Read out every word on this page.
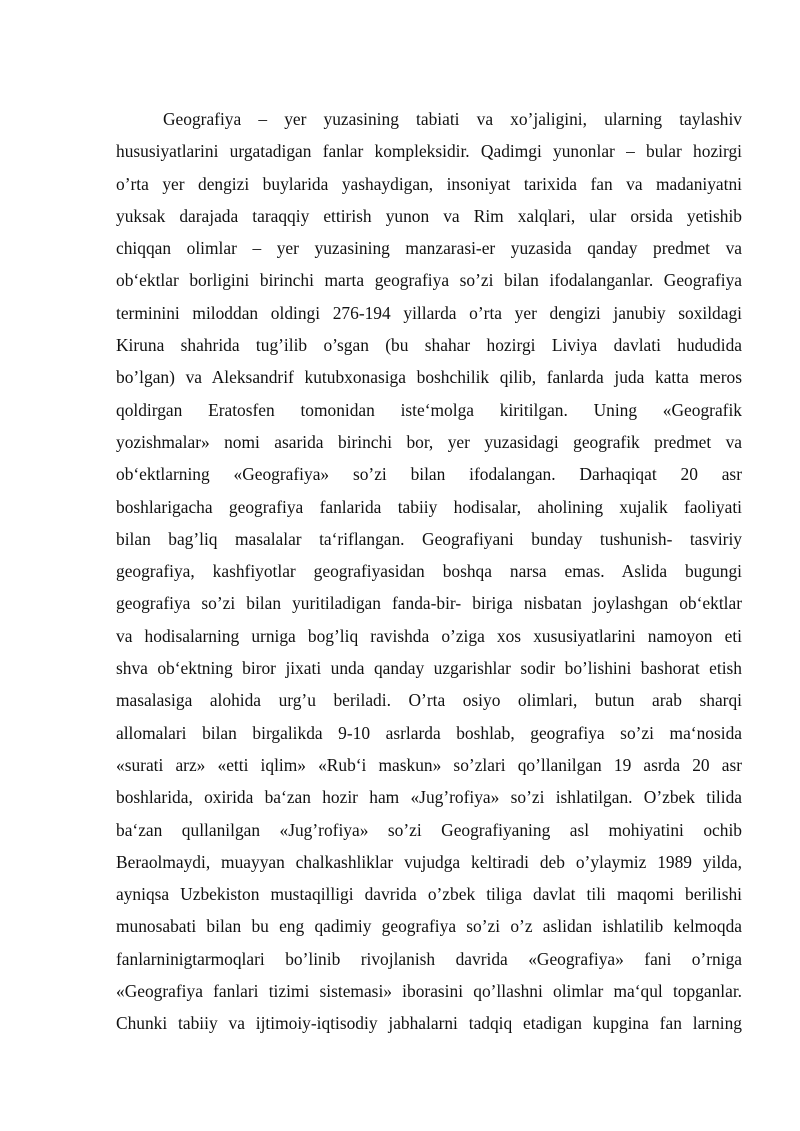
Geografiya – yer yuzasining tabiati va xo’jaligini, ularning taylashiv
hususiyatlarini urgatadigan fanlar kompleksidir. Qadimgi yunonlar – bular hozirgi
o’rta yer dengizi buylarida yashaydigan, insoniyat tarixida fan va madaniyatni
yuksak darajada taraqqiy ettirish yunon va Rim xalqlari, ular orsida yetishib
chiqqan olimlar – yer yuzasining manzarasi-er yuzasida qanday predmet va
ob‘ektlar borligini birinchi marta geografiya so’zi bilan ifodalanganlar. Geografiya
terminini miloddan oldingi 276-194 yillarda o’rta yer dengizi janubiy soxildagi
Kiruna shahrida tug’ilib o’sgan (bu shahar hozirgi Liviya davlati hududida
bo’lgan) va Aleksandrif kutubxonasiga boshchilik qilib, fanlarda juda katta meros
qoldirgan Eratosfen tomonidan iste‘molga kiritilgan. Uning «Geografik
yozishmalar» nomi asarida birinchi bor, yer yuzasidagi geografik predmet va
ob‘ektlarning «Geografiya» so’zi bilan ifodalangan. Darhaqiqat 20 asr
boshlarigacha geografiya fanlarida tabiiy hodisalar, aholining xujalik faoliyati
bilan bag’liq masalalar ta‘riflangan. Geografiyani bunday tushunish- tasviriy
geografiya, kashfiyotlar geografiyasidan boshqa narsa emas. Aslida bugungi
geografiya so’zi bilan yuritiladigan fanda-bir- biriga nisbatan joylashgan ob‘ektlar
va hodisalarning urniga bog’liq ravishda o’ziga xos xususiyatlarini namoyon eti
shva ob‘ektning biror jixati unda qanday uzgarishlar sodir bo’lishini bashorat etish
masalasiga alohida urg’u beriladi. O’rta osiyo olimlari, butun arab sharqi
allomalari bilan birgalikda 9-10 asrlarda boshlab, geografiya so’zi ma‘nosida
«surati arz» «etti iqlim» «Rub‘i maskun» so’zlari qo’llanilgan 19 asrda 20 asr
boshlarida, oxirida ba‘zan hozir ham «Jug’rofiya» so’zi ishlatilgan. O’zbek tilida
ba‘zan qullanilgan «Jug’rofiya» so’zi Geografiyaning asl mohiyatini ochib
Beraolmaydi, muayyan chalkashliklar vujudga keltiradi deb o’ylaymiz 1989 yilda,
ayniqsa Uzbekiston mustaqilligi davrida o’zbek tiliga davlat tili maqomi berilishi
munosabati bilan bu eng qadimiy geografiya so’zi o’z aslidan ishlatilib kelmoqda
fanlarninigtarmoqlari bo’linib rivojlanish davrida «Geografiya» fani o’rniga
«Geografiya fanlari tizimi sistemasi» iborasini qo’llashni olimlar ma‘qul topganlar.
Chunki tabiiy va ijtimoiy-iqtisodiy jabhalarni tadqiq etadigan kupgina fan larning
